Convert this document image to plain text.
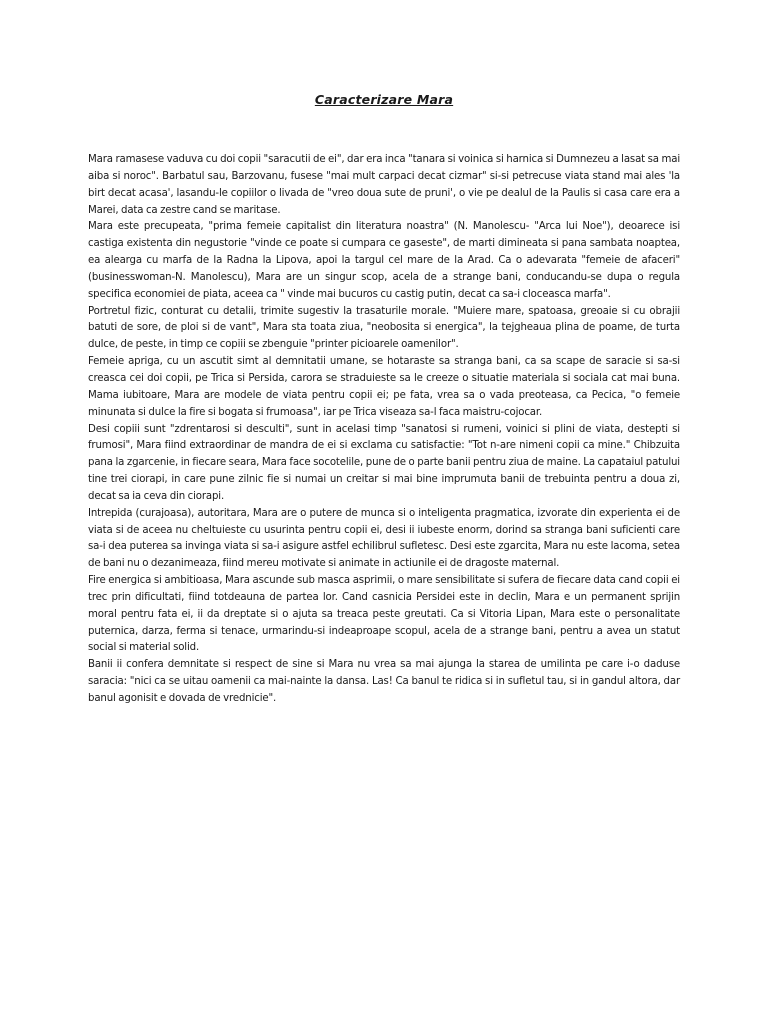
Caracterizare Mara

Mara ramasese vaduva cu doi copii "saracutii de ei", dar era inca "tanara si voinica si harnica si Dumnezeu a lasat sa mai aiba si noroc". Barbatul sau, Barzovanu, fusese "mai mult carpaci decat cizmar" si-si petrecuse viata stand mai ales 'la birt decat acasa', lasandu-le copiilor o livada de "vreo doua sute de pruni', o vie pe dealul de la Paulis si casa care era a Marei, data ca zestre cand se maritase.

Mara este precupeata, "prima femeie capitalist din literatura noastra" (N. Manolescu- "Arca lui Noe"), deoarece isi castiga existenta din negustorie "vinde ce poate si cumpara ce gaseste", de marti dimineata si pana sambata noaptea, ea alearga cu marfa de la Radna la Lipova, apoi la targul cel mare de la Arad. Ca o adevarata "femeie de afaceri" (businesswoman-N. Manolescu), Mara are un singur scop, acela de a strange bani, conducandu-se dupa o regula specifica economiei de piata, aceea ca " vinde mai bucuros cu castig putin, decat ca sa-i cloceasca marfa".

Portretul fizic, conturat cu detalii, trimite sugestiv la trasaturile morale. "Muiere mare, spatoasa, greoaie si cu obrajii batuti de sore, de ploi si de vant", Mara sta toata ziua, "neobosita si energica", la tejgheaua plina de poame, de turta dulce, de peste, in timp ce copiii se zbenguie "printer picioarele oamenilor".

Femeie apriga, cu un ascutit simt al demnitatii umane, se hotaraste sa stranga bani, ca sa scape de saracie si sa-si creasca cei doi copii, pe Trica si Persida, carora se straduieste sa le creeze o situatie materiala si sociala cat mai buna. Mama iubitoare, Mara are modele de viata pentru copii ei; pe fata, vrea sa o vada preoteasa, ca Pecica, "o femeie minunata si dulce la fire si bogata si frumoasa", iar pe Trica viseaza sa-l faca maistru-cojocar.

Desi copiii sunt "zdrentarosi si desculti", sunt in acelasi timp "sanatosi si rumeni, voinici si plini de viata, destepti si frumosi", Mara fiind extraordinar de mandra de ei si exclama cu satisfactie: "Tot n-are nimeni copii ca mine." Chibzuita pana la zgarcenie, in fiecare seara, Mara face socotelile, pune de o parte banii pentru ziua de maine. La capataiul patului tine trei ciorapi, in care pune zilnic fie si numai un creitar si mai bine imprumuta banii de trebuinta pentru a doua zi, decat sa ia ceva din ciorapi.

Intrepida (curajoasa), autoritara, Mara are o putere de munca si o inteligenta pragmatica, izvorate din experienta ei de viata si de aceea nu cheltuieste cu usurinta pentru copii ei, desi ii iubeste enorm, dorind sa stranga bani suficienti care sa-i dea puterea sa invinga viata si sa-i asigure astfel echilibrul sufletesc. Desi este zgarcita, Mara nu este lacoma, setea de bani nu o dezanimeaza, fiind mereu motivate si animate in actiunile ei de dragoste maternal.

Fire energica si ambitioasa, Mara ascunde sub masca asprimii, o mare sensibilitate si sufera de fiecare data cand copii ei trec prin dificultati, fiind totdeauna de partea lor. Cand casnicia Persidei este in declin, Mara e un permanent sprijin moral pentru fata ei, ii da dreptate si o ajuta sa treaca peste greutati. Ca si Vitoria Lipan, Mara este o personalitate puternica, darza, ferma si tenace, urmarindu-si indeaproape scopul, acela de a strange bani, pentru a avea un statut social si material solid.

Banii ii confera demnitate si respect de sine si Mara nu vrea sa mai ajunga la starea de umilinta pe care i-o daduse saracia: "nici ca se uitau oamenii ca mai-nainte la dansa. Las! Ca banul te ridica si in sufletul tau, si in gandul altora, dar banul agonisit e dovada de vrednicie".
